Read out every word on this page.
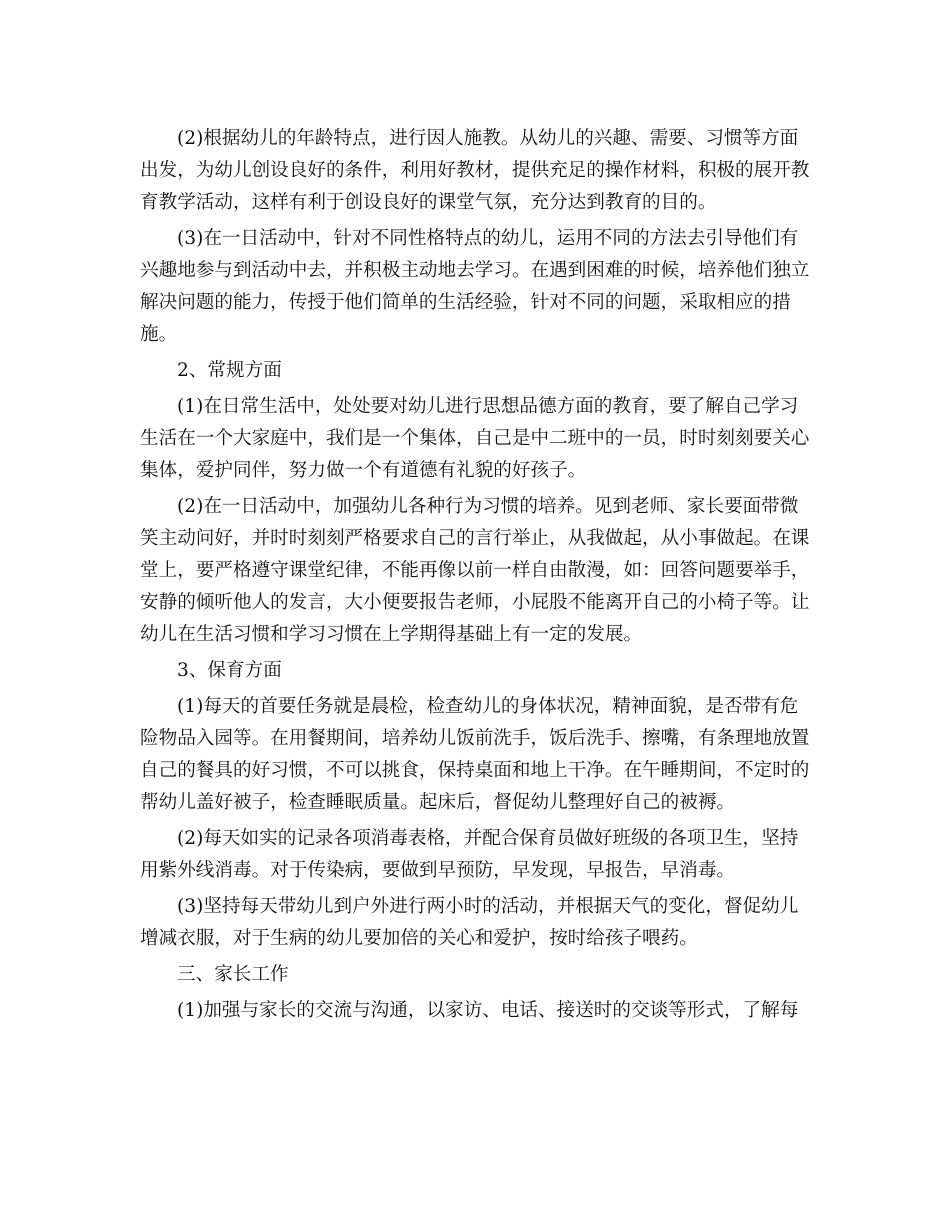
(2)根据幼儿的年龄特点，进行因人施教。从幼儿的兴趣、需要、习惯等方面
出发，为幼儿创设良好的条件，利用好教材，提供充足的操作材料，积极的展开教
育教学活动，这样有利于创设良好的课堂气氛，充分达到教育的目的。
(3)在一日活动中，针对不同性格特点的幼儿，运用不同的方法去引导他们有
兴趣地参与到活动中去，并积极主动地去学习。在遇到困难的时候，培养他们独立
解决问题的能力，传授于他们简单的生活经验，针对不同的问题，采取相应的措
施。
2、常规方面
(1)在日常生活中，处处要对幼儿进行思想品德方面的教育，要了解自己学习
生活在一个大家庭中，我们是一个集体，自己是中二班中的一员，时时刻刻要关心
集体，爱护同伴，努力做一个有道德有礼貌的好孩子。
(2)在一日活动中，加强幼儿各种行为习惯的培养。见到老师、家长要面带微
笑主动问好，并时时刻刻严格要求自己的言行举止，从我做起，从小事做起。在课
堂上，要严格遵守课堂纪律，不能再像以前一样自由散漫，如：回答问题要举手，
安静的倾听他人的发言，大小便要报告老师，小屁股不能离开自己的小椅子等。让
幼儿在生活习惯和学习习惯在上学期得基础上有一定的发展。
3、保育方面
(1)每天的首要任务就是晨检，检查幼儿的身体状况，精神面貌，是否带有危
险物品入园等。在用餐期间，培养幼儿饭前洗手，饭后洗手、擦嘴，有条理地放置
自己的餐具的好习惯，不可以挑食，保持桌面和地上干净。在午睡期间，不定时的
帮幼儿盖好被子，检查睡眠质量。起床后，督促幼儿整理好自己的被褥。
(2)每天如实的记录各项消毒表格，并配合保育员做好班级的各项卫生，坚持
用紫外线消毒。对于传染病，要做到早预防，早发现，早报告，早消毒。
(3)坚持每天带幼儿到户外进行两小时的活动，并根据天气的变化，督促幼儿
增减衣服，对于生病的幼儿要加倍的关心和爱护，按时给孩子喂药。
三、家长工作
(1)加强与家长的交流与沟通，以家访、电话、接送时的交谈等形式，了解每
